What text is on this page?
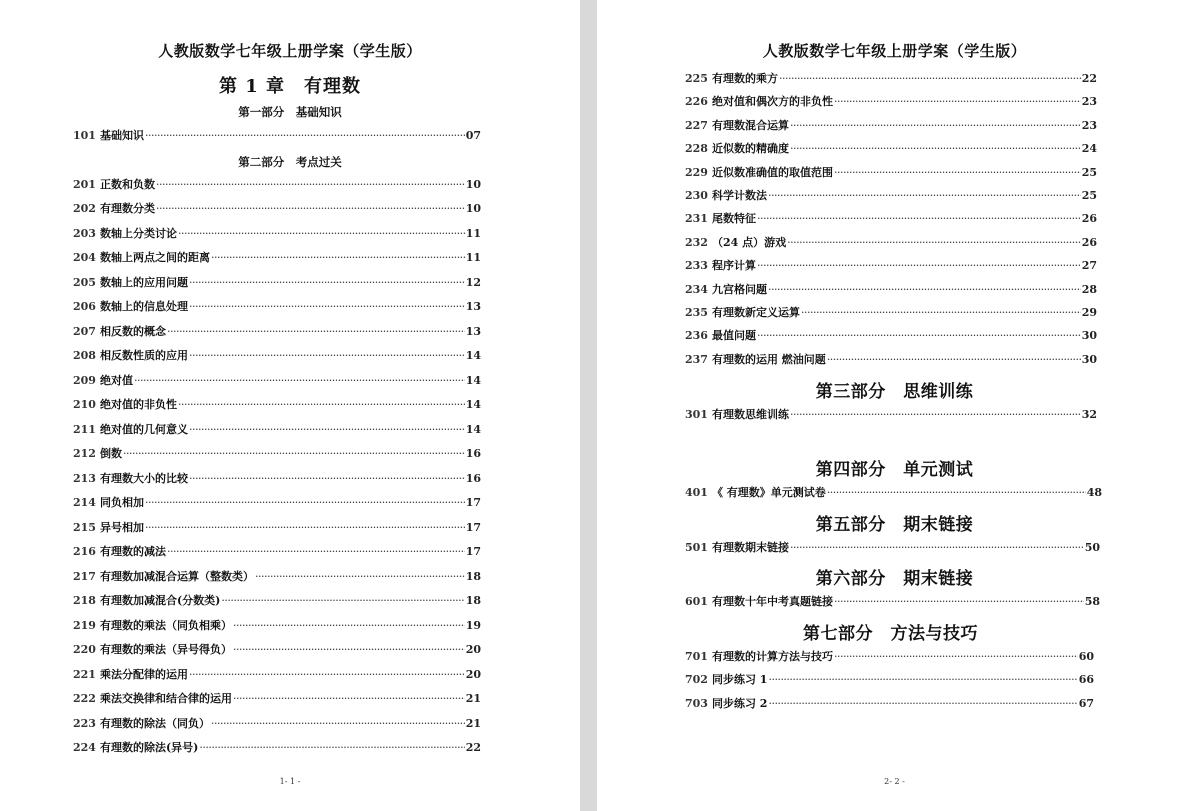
人教版数学七年级上册学案（学生版）
第 1 章　有理数
第一部分　基础知识
101 基础知识 ·····	07
第二部分　考点过关
201 正数和负数 ·····	10
202 有理数分类 ·····	10
203 数轴上分类讨论 ·····	11
204 数轴上两点之间的距离 ·····	11
205 数轴上的应用问题 ·····	12
206 数轴上的信息处理 ·····	13
207 相反数的概念 ·····	13
208 相反数性质的应用 ·····	14
209 绝对值 ·····	14
210 绝对值的非负性 ·····	14
211 绝对值的几何意义 ·····	14
212 倒数 ·····	16
213 有理数大小的比较 ·····	16
214 同负相加 ·····	17
215 异号相加 ·····	17
216 有理数的减法 ·····	17
217 有理数加减混合运算（整数类） ·····	18
218 有理数加减混合(分数类) ·····	18
219 有理数的乘法（同负相乘） ·····	19
220 有理数的乘法（异号得负） ·····	20
221 乘法分配律的运用 ·····	20
222 乘法交换律和结合律的运用 ·····	21
223 有理数的除法（同负） ·····	21
224 有理数的除法(异号) ·····	22
1- 1 -
人教版数学七年级上册学案（学生版）
225 有理数的乘方 ·····	22
226 绝对值和偶次方的非负性 ·····	23
227 有理数混合运算 ·····	23
228 近似数的精确度 ·····	24
229 近似数准确值的取值范围 ·····	25
230 科学计数法 ·····	25
231 尾数特征 ·····	26
232 （24 点）游戏 ·····	26
233 程序计算 ·····	27
234 九宫格问题 ·····	28
235 有理数新定义运算 ·····	29
236 最值问题 ·····	30
237 有理数的运用 燃油问题 ·····	30
第三部分　思维训练
301 有理数思维训练 ·····	32
第四部分　单元测试
401 《 有理数》单元测试卷 ·····	48
第五部分　期末链接
501 有理数期末链接 ·····	50
第六部分　期末链接
601 有理数十年中考真题链接 ·····	58
第七部分　方法与技巧
701 有理数的计算方法与技巧 ·····	60
702 同步练习 1 ·····	66
703 同步练习 2 ·····	67
2- 2 -
